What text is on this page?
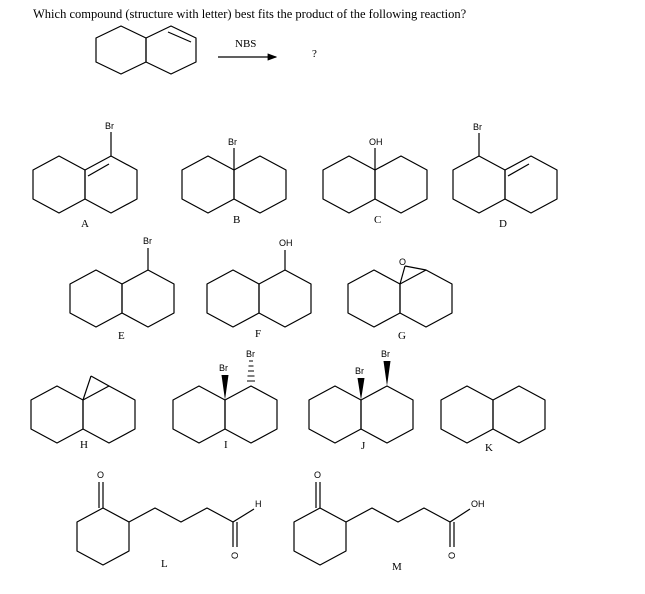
Which compound (structure with letter) best fits the product of the following reaction?
NBS
?
Br
A
Br
B
OH
C
Br
D
Br
E
OH
F
O
G
H
Br
Br
I
Br
Br
J	K
O
H
O
L
O
OH
O
M
